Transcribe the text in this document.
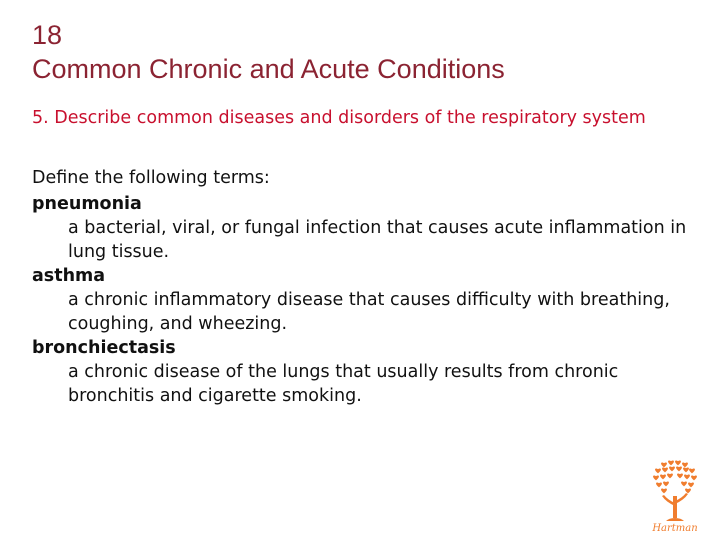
18
Common Chronic and Acute Conditions
5. Describe common diseases and disorders of the respiratory system
Define the following terms:
pneumonia
a bacterial, viral, or fungal infection that causes acute inflammation in lung tissue.
asthma
a chronic inflammatory disease that causes difficulty with breathing, coughing, and wheezing.
bronchiectasis
a chronic disease of the lungs that usually results from chronic bronchitis and cigarette smoking.
Hartman
